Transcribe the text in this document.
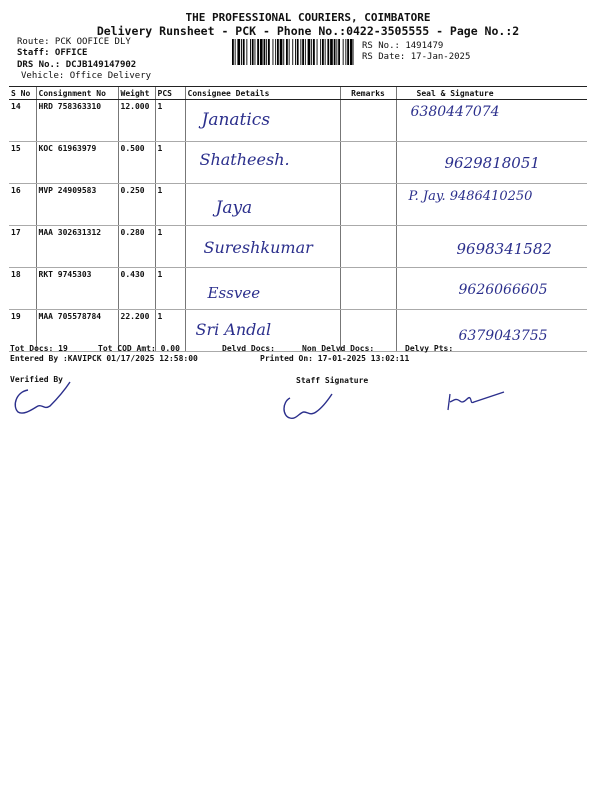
THE PROFESSIONAL COURIERS, COIMBATORE
Delivery Runsheet - PCK - Phone No.:0422-3505555 - Page No.:2
Route: PCK OOFICE DLY
Staff: OFFICE
DRS No.: DCJB149147902
Vehicle: Office Delivery
RS No.: 1491479
RS Date: 17-Jan-2025
S No	Consignment No	Weight	PCS	Consignee Details	Remarks	Seal & Signature
14	HRD 758363310	12.000	1	Janatics		6380447074

15	KOC 61963979	0.500	1	Shatheesh.		9629818051

16	MVP 24909583	0.250	1	Jaya		P. Jay. 9486410250

17	MAA 302631312	0.280	1	Sureshkumar		9698341582

18	RKT 9745303	0.430	1	Essvee		9626066605

19	MAA 705578784	22.200	1	Sri Andal		6379043755
Tot Docs: 19	Tot COD Amt: 0.00	Delvd Docs:	Non Delvd Docs:	Delvy Pts:
Entered By :KAVIPCK 01/17/2025 12:58:00	Printed On: 17-01-2025 13:02:11
Verified By	Staff Signature
